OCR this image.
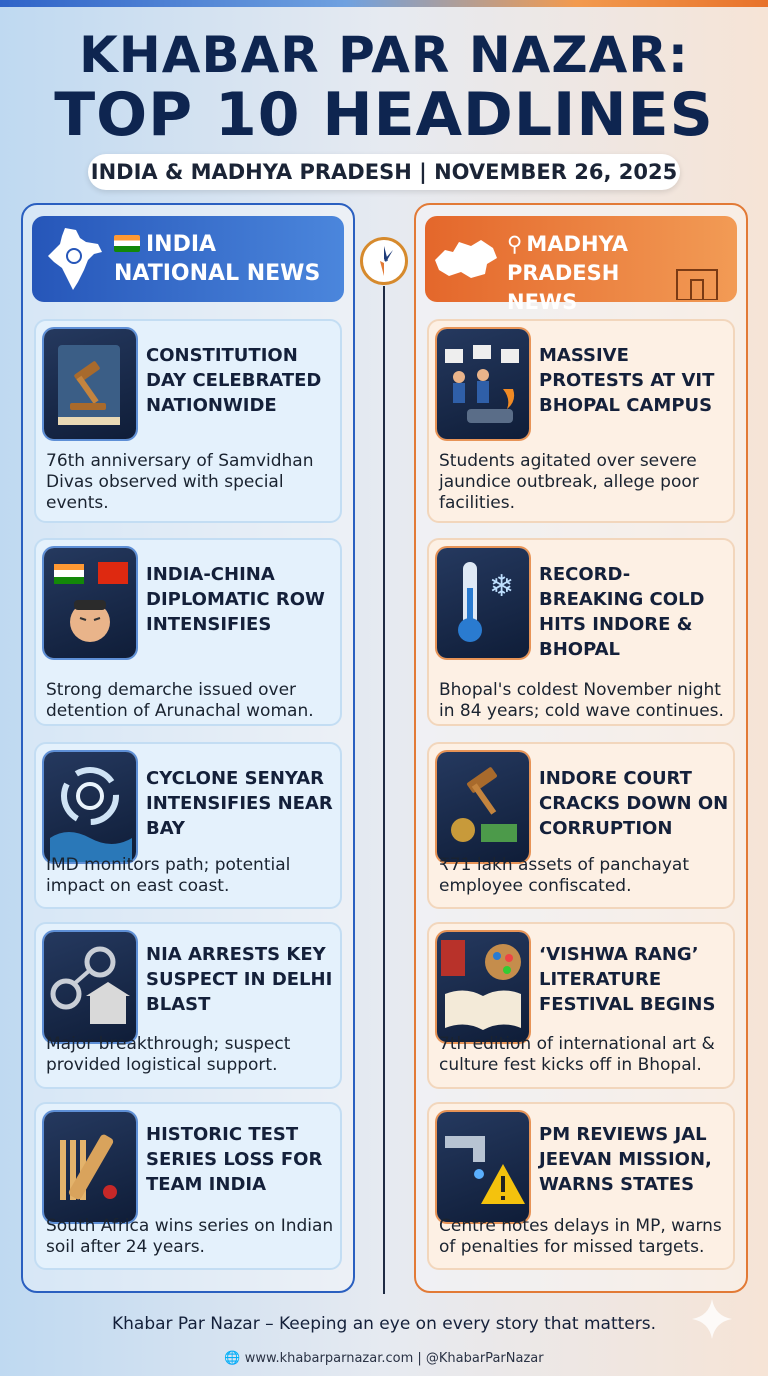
KHABAR PAR NAZAR:
TOP 10 HEADLINES
INDIA & MADHYA PRADESH | NOVEMBER 26, 2025
INDIA
NATIONAL NEWS
CONSTITUTION DAY CELEBRATED NATIONWIDE
76th anniversary of Samvidhan Divas observed with special events.
INDIA-CHINA DIPLOMATIC ROW INTENSIFIES
Strong demarche issued over detention of Arunachal woman.
CYCLONE SENYAR INTENSIFIES NEAR BAY
IMD monitors path; potential impact on east coast.
NIA ARRESTS KEY SUSPECT IN DELHI BLAST
Major breakthrough; suspect provided logistical support.
HISTORIC TEST SERIES LOSS FOR TEAM INDIA
South Africa wins series on Indian soil after 24 years.
⚲ MADHYA PRADESH
NEWS
MASSIVE PROTESTS AT VIT BHOPAL CAMPUS
Students agitated over severe jaundice outbreak, allege poor facilities.
❄ RECORD-BREAKING COLD HITS INDORE & BHOPAL
Bhopal's coldest November night in 84 years; cold wave continues.
INDORE COURT CRACKS DOWN ON CORRUPTION
₹71 lakh assets of panchayat employee confiscated.
‘VISHWA RANG’ LITERATURE FESTIVAL BEGINS
7th edition of international art & culture fest kicks off in Bhopal.
PM REVIEWS JAL JEEVAN MISSION, WARNS STATES
Centre notes delays in MP, warns of penalties for missed targets.
Khabar Par Nazar – Keeping an eye on every story that matters.
🌐 www.khabarparnazar.com | @KhabarParNazar
